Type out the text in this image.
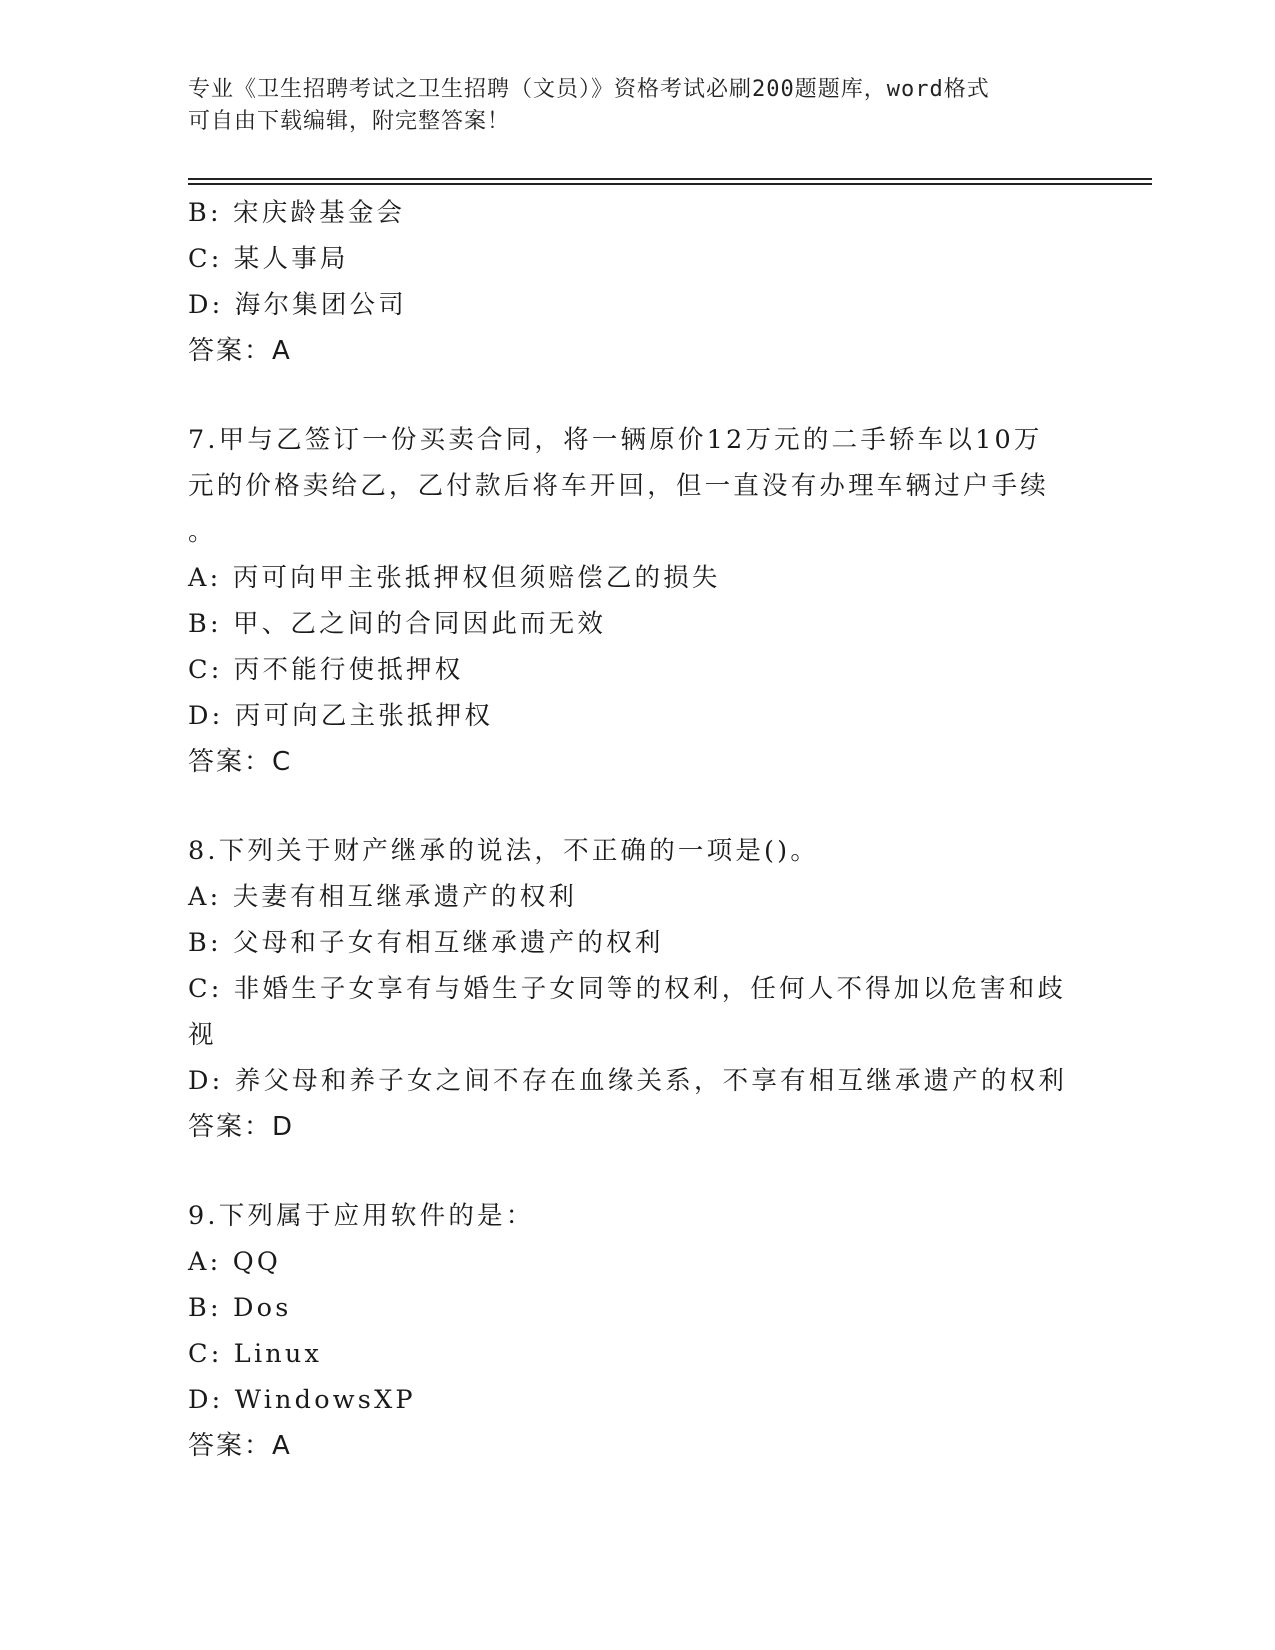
专业《卫生招聘考试之卫生招聘（文员）》资格考试必刷200题题库，word格式
可自由下载编辑，附完整答案！
B: 宋庆龄基金会
C: 某人事局
D: 海尔集团公司
答案：A
7.甲与乙签订一份买卖合同，将一辆原价12万元的二手轿车以10万
元的价格卖给乙，乙付款后将车开回，但一直没有办理车辆过户手续
。
A: 丙可向甲主张抵押权但须赔偿乙的损失
B: 甲、乙之间的合同因此而无效
C: 丙不能行使抵押权
D: 丙可向乙主张抵押权
答案：C
8.下列关于财产继承的说法，不正确的一项是()。
A: 夫妻有相互继承遗产的权利
B: 父母和子女有相互继承遗产的权利
C: 非婚生子女享有与婚生子女同等的权利，任何人不得加以危害和歧
视
D: 养父母和养子女之间不存在血缘关系，不享有相互继承遗产的权利
答案：D
9.下列属于应用软件的是：
A: QQ
B: Dos
C: Linux
D: WindowsXP
答案：A
